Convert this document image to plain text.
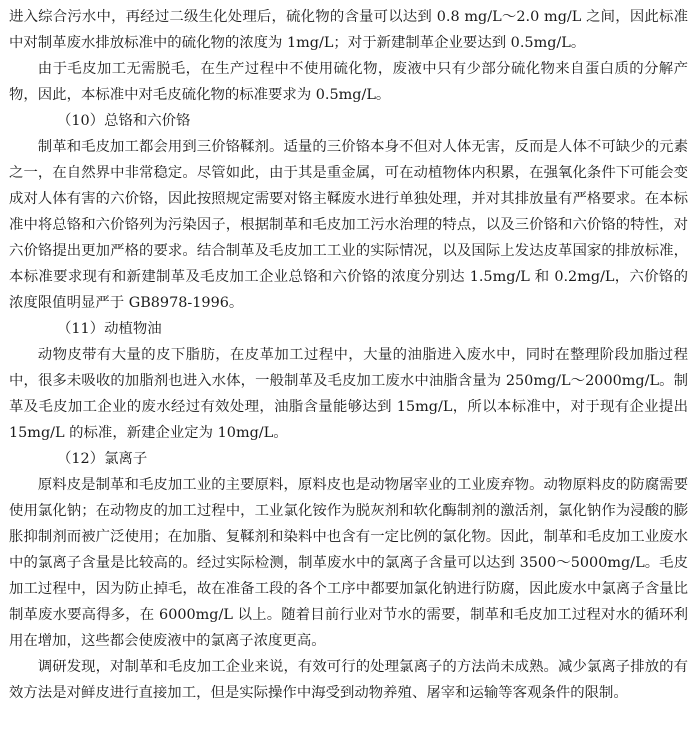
进入综合污水中，再经过二级生化处理后，硫化物的含量可以达到 0.8 mg/L～2.0 mg/L 之间，因此标准中对制革废水排放标准中的硫化物的浓度为 1mg/L；对于新建制革企业要达到 0.5mg/L。

由于毛皮加工无需脱毛，在生产过程中不使用硫化物，废液中只有少部分硫化物来自蛋白质的分解产物，因此，本标准中对毛皮硫化物的标准要求为 0.5mg/L。

（10）总铬和六价铬

制革和毛皮加工都会用到三价铬鞣剂。适量的三价铬本身不但对人体无害，反而是人体不可缺少的元素之一，在自然界中非常稳定。尽管如此，由于其是重金属，可在动植物体内积累，在强氧化条件下可能会变成对人体有害的六价铬，因此按照规定需要对铬主鞣废水进行单独处理，并对其排放量有严格要求。在本标准中将总铬和六价铬列为污染因子，根据制革和毛皮加工污水治理的特点，以及三价铬和六价铬的特性，对六价铬提出更加严格的要求。结合制革及毛皮加工工业的实际情况，以及国际上发达皮革国家的排放标准，本标准要求现有和新建制革及毛皮加工企业总铬和六价铬的浓度分别达 1.5mg/L 和 0.2mg/L，六价铬的浓度限值明显严于 GB8978-1996。

（11）动植物油

动物皮带有大量的皮下脂肪，在皮革加工过程中，大量的油脂进入废水中，同时在整理阶段加脂过程中，很多未吸收的加脂剂也进入水体，一般制革及毛皮加工废水中油脂含量为 250mg/L～2000mg/L。制革及毛皮加工企业的废水经过有效处理，油脂含量能够达到 15mg/L，所以本标准中，对于现有企业提出 15mg/L 的标准，新建企业定为 10mg/L。

（12）氯离子

原料皮是制革和毛皮加工业的主要原料，原料皮也是动物屠宰业的工业废弃物。动物原料皮的防腐需要使用氯化钠；在动物皮的加工过程中，工业氯化铵作为脱灰剂和软化酶制剂的激活剂，氯化钠作为浸酸的膨胀抑制剂而被广泛使用；在加脂、复鞣剂和染料中也含有一定比例的氯化物。因此，制革和毛皮加工业废水中的氯离子含量是比较高的。经过实际检测，制革废水中的氯离子含量可以达到 3500～5000mg/L。毛皮加工过程中，因为防止掉毛，故在准备工段的各个工序中都要加氯化钠进行防腐，因此废水中氯离子含量比制革废水要高得多，在 6000mg/L 以上。随着目前行业对节水的需要，制革和毛皮加工过程对水的循环利用在增加，这些都会使废液中的氯离子浓度更高。

调研发现，对制革和毛皮加工企业来说，有效可行的处理氯离子的方法尚未成熟。减少氯离子排放的有效方法是对鲜皮进行直接加工，但是实际操作中海受到动物养殖、屠宰和运输等客观条件的限制。
